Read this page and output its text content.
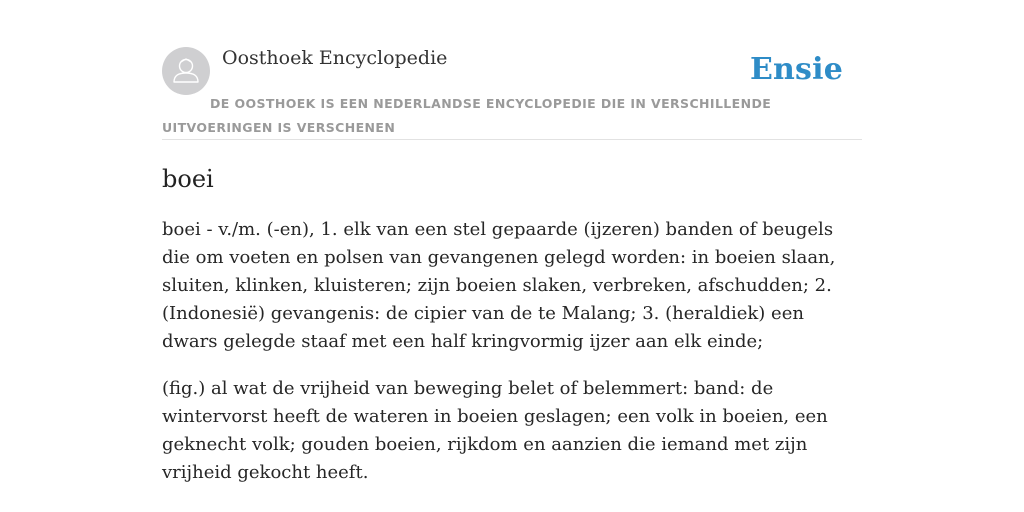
Oosthoek Encyclopedie	Ensie
DE OOSTHOEK IS EEN NEDERLANDSE ENCYCLOPEDIE DIE IN VERSCHILLENDE UITVOERINGEN IS VERSCHENEN
boei

boei - v./m. (-en), 1. elk van een stel gepaarde (ijzeren) banden of beugels die om voeten en polsen van gevangenen gelegd worden: in boeien slaan, sluiten, klinken, kluisteren; zijn boeien slaken, verbreken, afschudden; 2. (Indonesië) gevangenis: de cipier van de te Malang; 3. (heraldiek) een dwars gelegde staaf met een half kringvormig ijzer aan elk einde;

(fig.) al wat de vrijheid van beweging belet of belemmert: band: de wintervorst heeft de wateren in boeien geslagen; een volk in boeien, een geknecht volk; gouden boeien, rijkdom en aanzien die iemand met zijn vrijheid gekocht heeft.
